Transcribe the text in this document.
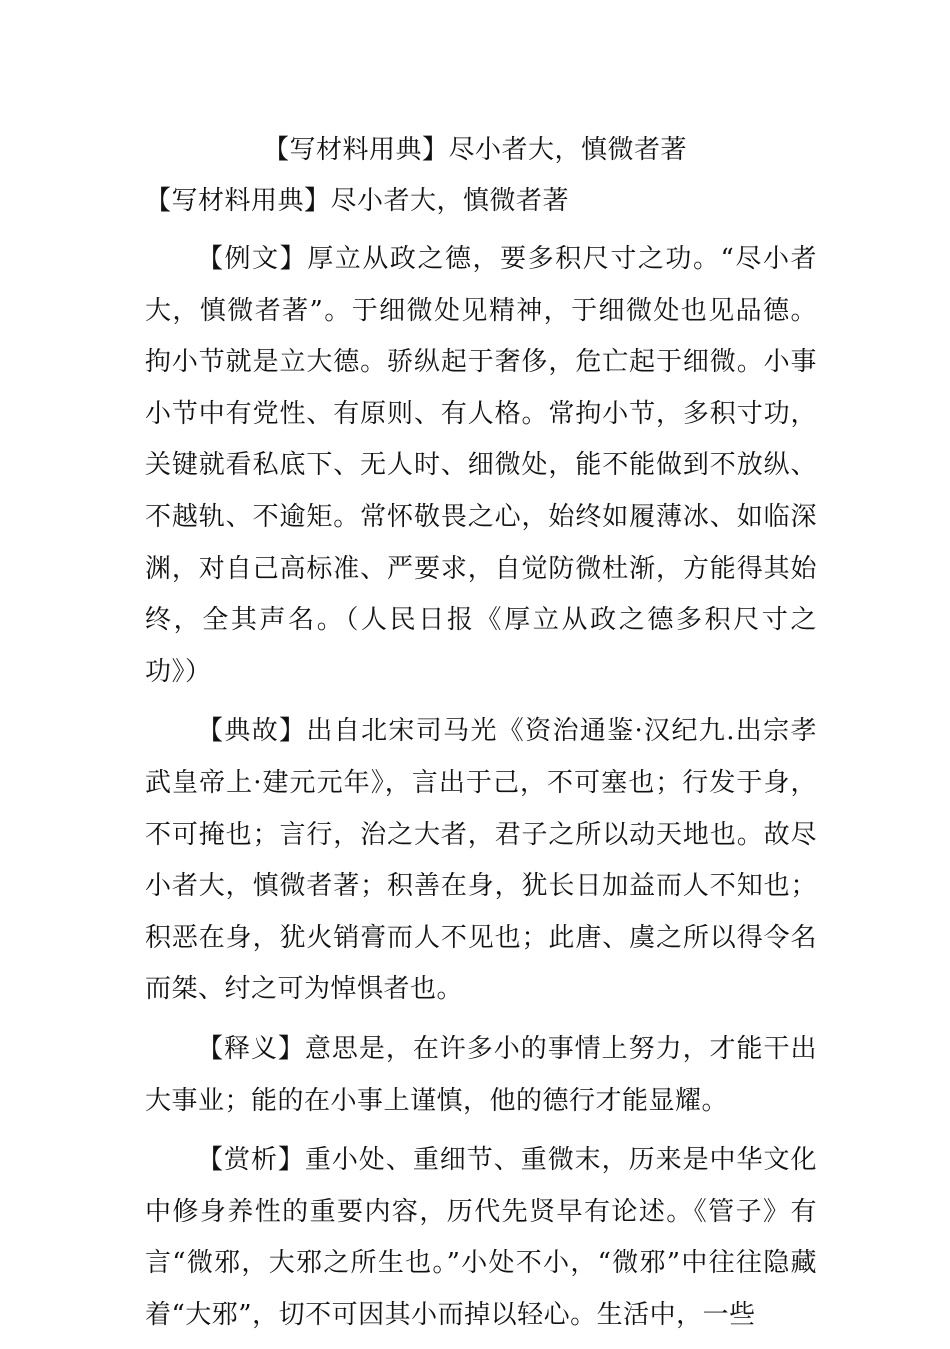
【写材料用典】尽小者大，慎微者著

【写材料用典】尽小者大，慎微者著

【例文】厚立从政之德，要多积尺寸之功。“尽小者大，慎微者著”。于细微处见精神，于细微处也见品德。拘小节就是立大德。骄纵起于奢侈，危亡起于细微。小事小节中有党性、有原则、有人格。常拘小节，多积寸功，关键就看私底下、无人时、细微处，能不能做到不放纵、不越轨、不逾矩。常怀敬畏之心，始终如履薄冰、如临深渊，对自己高标准、严要求，自觉防微杜渐，方能得其始终，全其声名。（人民日报《厚立从政之德多积尺寸之功》）

【典故】出自北宋司马光《资治通鉴·汉纪九.出宗孝武皇帝上·建元元年》，言出于己，不可塞也；行发于身，不可掩也；言行，治之大者，君子之所以动天地也。故尽小者大，慎微者著；积善在身，犹长日加益而人不知也；积恶在身，犹火销膏而人不见也；此唐、虞之所以得令名而桀、纣之可为悼惧者也。

【释义】意思是，在许多小的事情上努力，才能干出大事业；能的在小事上谨慎，他的德行才能显耀。

【赏析】重小处、重细节、重微末，历来是中华文化中修身养性的重要内容，历代先贤早有论述。《管子》有言“微邪，大邪之所生也。”小处不小，“微邪”中往往隐藏着“大邪”，切不可因其小而掉以轻心。生活中，一些
